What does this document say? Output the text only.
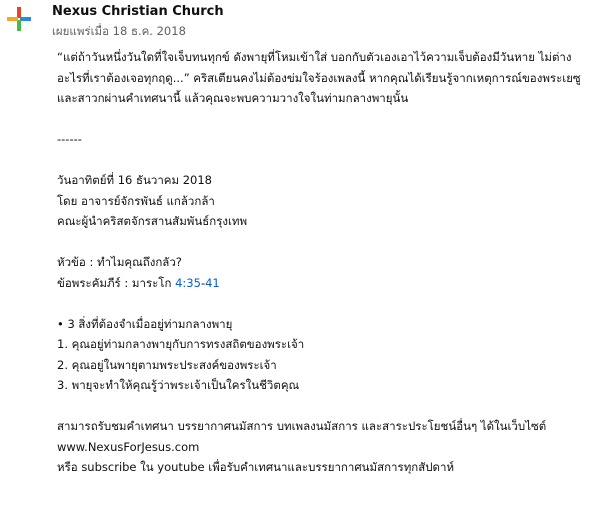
Nexus Christian Church
เผยแพร่เมื่อ 18 ธ.ค. 2018
“แต่ถ้าวันหนึ่งวันใดที่ใจเจ็บทนทุกข์ ดังพายุที่โหมเข้าใส่ บอกกับตัวเองเอาไว้ความเจ็บต้องมีวันหาย ไม่ต่าง
อะไรที่เราต้องเจอทุกฤดู...” คริสเตียนคงไม่ต้องข่มใจร้องเพลงนี้ หากคุณได้เรียนรู้จากเหตุการณ์ของพระเยซู
และสาวกผ่านคำเทศนานี้ แล้วคุณจะพบความวางใจในท่ามกลางพายุนั้น
------
วันอาทิตย์ที่ 16 ธันวาคม 2018
โดย อาจารย์จักรพันธ์ แกล้วกล้า
คณะผู้นำคริสตจักรสานสัมพันธ์กรุงเทพ
หัวข้อ : ทำไมคุณถึงกลัว?
ข้อพระคัมภีร์ : มาระโก 4:35-41
• 3 สิ่งที่ต้องจำเมื่ออยู่ท่ามกลางพายุ
1. คุณอยู่ท่ามกลางพายุกับการทรงสถิตของพระเจ้า
2. คุณอยู่ในพายุตามพระประสงค์ของพระเจ้า
3. พายุจะทำให้คุณรู้ว่าพระเจ้าเป็นใครในชีวิตคุณ
สามารถรับชมคำเทศนา บรรยากาศนมัสการ บทเพลงนมัสการ และสาระประโยชน์อื่นๆ ได้ในเว็บไซต์
www.NexusForJesus.com
หรือ subscribe ใน youtube เพื่อรับคำเทศนาและบรรยากาศนมัสการทุกสัปดาห์
